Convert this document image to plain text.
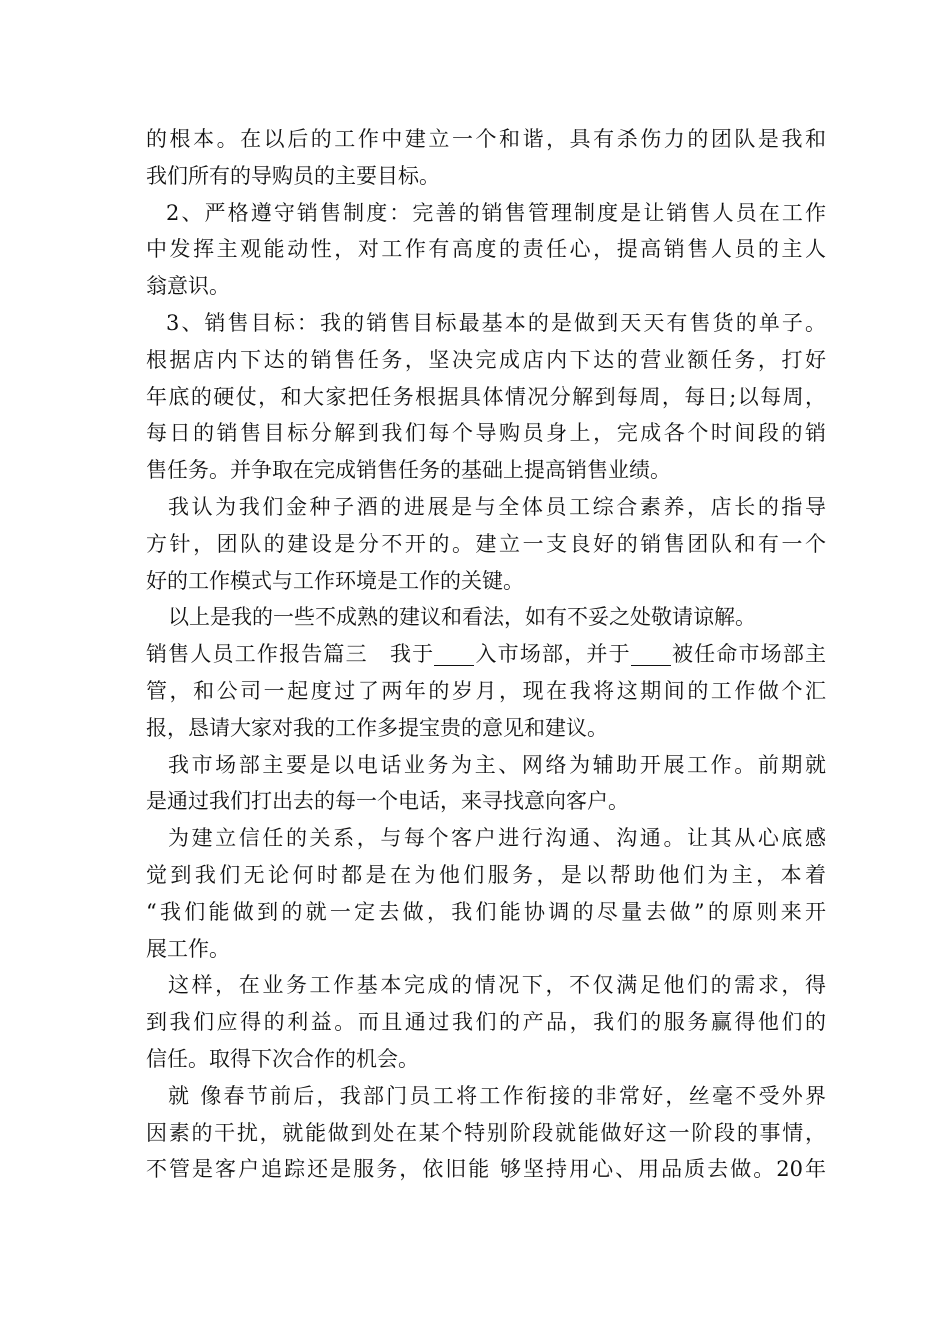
的根本。在以后的工作中建立一个和谐，具有杀伤力的团队是我和
我们所有的导购员的主要目标。
2、严格遵守销售制度：完善的销售管理制度是让销售人员在工作
中发挥主观能动性，对工作有高度的责任心，提高销售人员的主人
翁意识。
3、销售目标：我的销售目标最基本的是做到天天有售货的单子。
根据店内下达的销售任务，坚决完成店内下达的营业额任务，打好
年底的硬仗，和大家把任务根据具体情况分解到每周，每日;以每周，
每日的销售目标分解到我们每个导购员身上，完成各个时间段的销
售任务。并争取在完成销售任务的基础上提高销售业绩。
我认为我们金种子酒的进展是与全体员工综合素养，店长的指导
方针，团队的建设是分不开的。建立一支良好的销售团队和有一个
好的工作模式与工作环境是工作的关键。
以上是我的一些不成熟的建议和看法，如有不妥之处敬请谅解。
销售人员工作报告篇三　我于 入市场部，并于 被任命市场部主
管，和公司一起度过了两年的岁月，现在我将这期间的工作做个汇
报，恳请大家对我的工作多提宝贵的意见和建议。
我市场部主要是以电话业务为主、网络为辅助开展工作。前期就
是通过我们打出去的每一个电话，来寻找意向客户。
为建立信任的关系，与每个客户进行沟通、沟通。让其从心底感
觉到我们无论何时都是在为他们服务，是以帮助他们为主，本着
“我们能做到的就一定去做，我们能协调的尽量去做”的原则来开
展工作。
这样，在业务工作基本完成的情况下，不仅满足他们的需求，得
到我们应得的利益。而且通过我们的产品，我们的服务赢得他们的
信任。取得下次合作的机会。
就 像春节前后，我部门员工将工作衔接的非常好，丝毫不受外界
因素的干扰，就能做到处在某个特别阶段就能做好这一阶段的事情，
不管是客户追踪还是服务，依旧能 够坚持用心、用品质去做。20年
